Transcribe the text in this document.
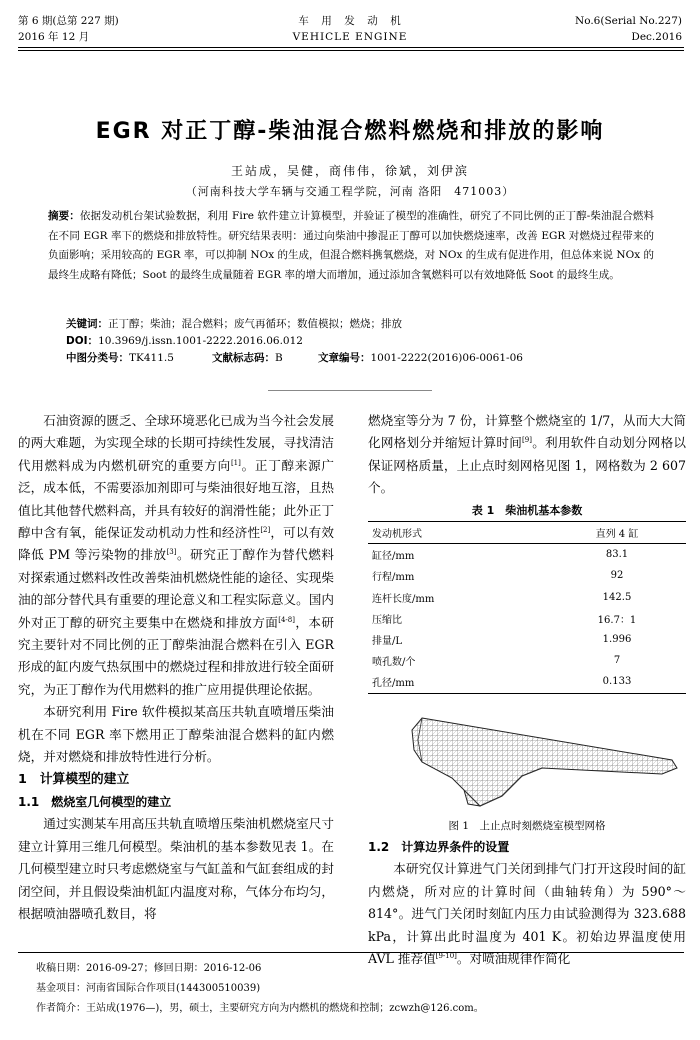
第 6 期(总第 227 期)
2016 年 12 月
车　用　发　动　机
VEHICLE ENGINE
No.6(Serial No.227)
Dec.2016
EGR 对正丁醇-柴油混合燃料燃烧和排放的影响
王站成，吴健，商伟伟，徐斌，刘伊滨
（河南科技大学车辆与交通工程学院，河南 洛阳　471003）
摘要：依据发动机台架试验数据，利用 Fire 软件建立计算模型，并验证了模型的准确性，研究了不同比例的正丁醇-柴油混合燃料在不同 EGR 率下的燃烧和排放特性。研究结果表明：通过向柴油中掺混正丁醇可以加快燃烧速率，改善 EGR 对燃烧过程带来的负面影响；采用较高的 EGR 率，可以抑制 NOx 的生成，但混合燃料携氧燃烧，对 NOx 的生成有促进作用，但总体来说 NOx 的最终生成略有降低；Soot 的最终生成量随着 EGR 率的增大而增加，通过添加含氧燃料可以有效地降低 Soot 的最终生成。
关键词：正丁醇；柴油；混合燃料；废气再循环；数值模拟；燃烧；排放
DOI：10.3969/j.issn.1001-2222.2016.06.012
中图分类号：TK411.5	文献标志码：B	文章编号：1001-2222(2016)06-0061-06

石油资源的匮乏、全球环境恶化已成为当今社会发展的两大难题，为实现全球的长期可持续性发展，寻找清洁代用燃料成为内燃机研究的重要方向[1]。正丁醇来源广泛，成本低，不需要添加剂即可与柴油很好地互溶，且热值比其他替代燃料高，并具有较好的润滑性能；此外正丁醇中含有氧，能保证发动机动力性和经济性[2]，可以有效降低 PM 等污染物的排放[3]。研究正丁醇作为替代燃料对探索通过燃料改性改善柴油机燃烧性能的途径、实现柴油的部分替代具有重要的理论意义和工程实际意义。国内外对正丁醇的研究主要集中在燃烧和排放方面[4-8]，本研究主要针对不同比例的正丁醇柴油混合燃料在引入 EGR 形成的缸内废气热氛围中的燃烧过程和排放进行较全面研究，为正丁醇作为代用燃料的推广应用提供理论依据。

本研究利用 Fire 软件模拟某高压共轨直喷增压柴油机在不同 EGR 率下燃用正丁醇柴油混合燃料的缸内燃烧，并对燃烧和排放特性进行分析。

1　计算模型的建立

1.1　燃烧室几何模型的建立

通过实测某车用高压共轨直喷增压柴油机燃烧室尺寸建立计算用三维几何模型。柴油机的基本参数见表 1。在几何模型建立时只考虑燃烧室与气缸盖和气缸套组成的封闭空间，并且假设柴油机缸内温度对称，气体分布均匀，根据喷油器喷孔数目，将

燃烧室等分为 7 份，计算整个燃烧室的 1/7，从而大大简化网格划分并缩短计算时间[9]。利用软件自动划分网格以保证网格质量，上止点时刻网格见图 1，网格数为 2 607 个。

表 1　柴油机基本参数
发动机形式	直列 4 缸
缸径/mm	83.1
行程/mm	92
连杆长度/mm	142.5
压缩比	16.7：1
排量/L	1.996
喷孔数/个	7
孔径/mm	0.133
图 1　上止点时刻燃烧室模型网格

1.2　计算边界条件的设置

本研究仅计算进气门关闭到排气门打开这段时间的缸内燃烧，所对应的计算时间（曲轴转角）为 590°～814°。进气门关闭时刻缸内压力由试验测得为 323.688 kPa，计算出此时温度为 401 K。初始边界温度使用 AVL 推荐值[9-10]。对喷油规律作简化

收稿日期：2016-09-27；修回日期：2016-12-06
基金项目：河南省国际合作项目(144300510039)
作者简介：王站成(1976—)，男，硕士，主要研究方向为内燃机的燃烧和控制；zcwzh@126.com。
